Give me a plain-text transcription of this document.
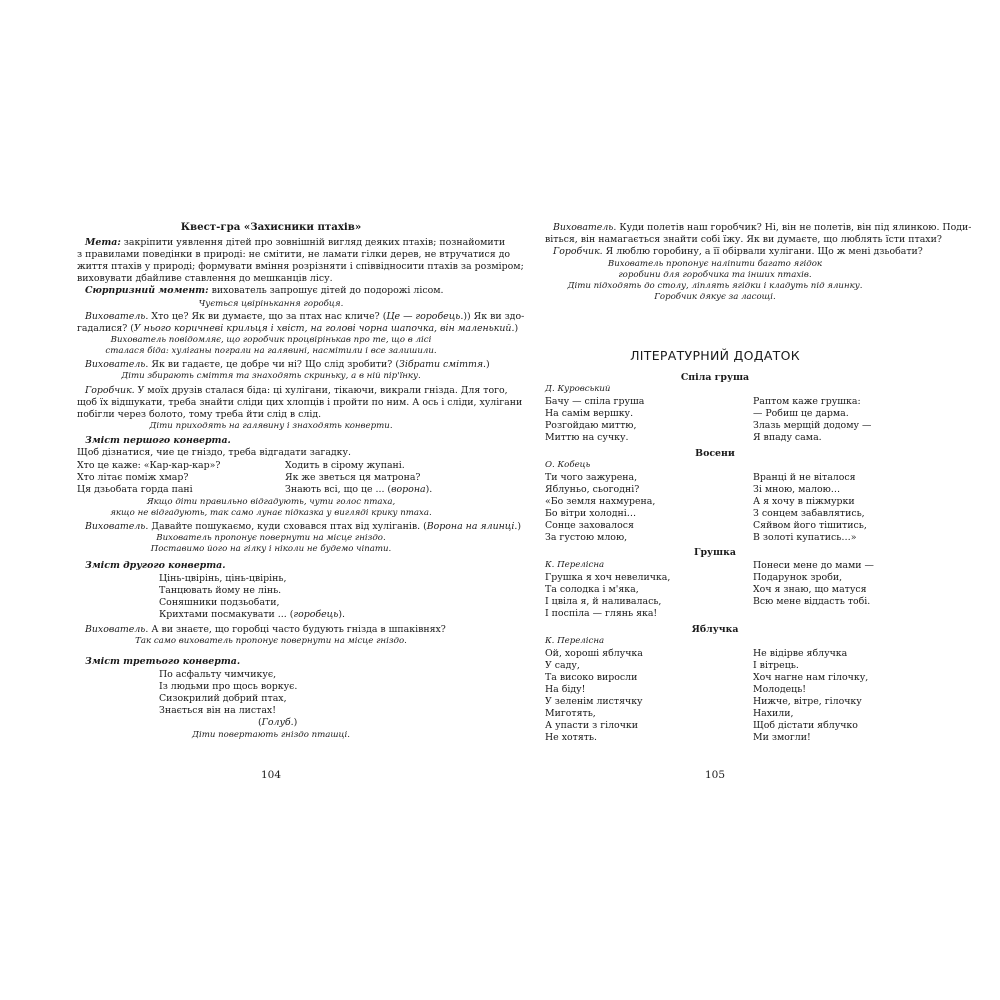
Квест-гра «Захисники птахів»
Мета: закріпити уявлення дітей про зовнішній вигляд деяких птахів; познайомити
з правилами поведінки в природі: не смітити, не ламати гілки дерев, не втручатися до
життя птахів у природі; формувати вміння розрізняти і співвідносити птахів за розміром;
виховувати дбайливе ставлення до мешканців лісу.
Сюрпризний момент: вихователь запрошує дітей до подорожі лісом.
Чується цвірінькання горобця.
Вихователь. Хто це? Як ви думаєте, що за птах нас кличе? (Це — горобець.)) Як ви здо-
гадалися? (У нього коричневі крильця і хвіст, на голові чорна шапочка, він маленький.)
Вихователь повідомляє, що горобчик процвірінькав про те, що в лісі
сталася біда: хуліганы пограли на галявині, насмітили і все залишили.
Вихователь. Як ви гадаєте, це добре чи ні? Що слід зробити? (Зібрати сміття.)
Діти збирають сміття та знаходять скриньку, а в ній пір'їнку.
Горобчик. У моїх друзів сталася біда: ці хулігани, тікаючи, викрали гнізда. Для того,
щоб їх відшукати, треба знайти сліди цих хлопців і пройти по ним. А ось і сліди, хулігани
побігли через болото, тому треба йти слід в слід.
Діти приходять на галявину і знаходять конверти.
Зміст першого конверта.
Щоб дізнатися, чие це гніздо, треба відгадати загадку.
Хто це каже: «Кар-кар-кар»?
Хто літає поміж хмар?
Ця дзьобата горда пані
Ходить в сірому жупані.
Як же зветься ця матрона?
Знають всі, що це ... (ворона).
Якщо діти правильно відгадують, чути голос птаха,
якщо не відгадують, так само лунає підказка у вигляді крику птаха.
Вихователь. Давайте пошукаємо, куди сховався птах від хуліганів. (Ворона на ялинці.)
Вихователь пропонує повернути на місце гніздо.
Поставимо його на гілку і ніколи не будемо чіпати.
Зміст другого конверта.
Цінь-цвірінь, цінь-цвірінь,
Танцювать йому не лінь.
Соняшники подзьобати,
Крихтами посмакувати ... (горобець).
Вихователь. А ви знаєте, що горобці часто будують гнізда в шпаківнях?
Так само вихователь пропонує повернути на місце гніздо.
Зміст третього конверта.
По асфальту чимчикує,
Із людьми про щось воркує.
Сизокрилий добрий птах,
Знається він на листах!
(Голуб.)
Діти повертають гніздо пташці.
104
Вихователь. Куди полетів наш горобчик? Ні, він не полетів, він під ялинкою. Поди-
віться, він намагається знайти собі їжу. Як ви думаєте, що люблять їсти птахи?
Горобчик. Я люблю горобину, а її обірвали хулігани. Що ж мені дзьобати?
Вихователь пропонує наліпити багато ягідок
горобини для горобчика та інших птахів.
Діти підходять до столу, ліплять ягідки і кладуть під ялинку.
Горобчик дякує за ласощі.
ЛІТЕРАТУРНИЙ ДОДАТОК
Спіла груша
Д. Куровський
Бачу — спіла груша
На самім вершку.
Розгойдаю миттю,
Миттю на сучку.
Раптом каже грушка:
— Робиш це дарма.
Злазь мерщій додому —
Я впаду сама.
Восени
О. Кобець
Ти чого зажурена,
Яблуньо, сьогодні?
«Бо земля нахмурена,
Бо вітри холодні…
Сонце заховалося
За густою млою,
Вранці й не віталося
Зі мною, малою…
А я хочу в піжмурки
З сонцем забавлятись,
Сяйвом його тішитись,
В золоті купатись…»
Грушка
К. Перелісна
Грушка я хоч невеличка,
Та солодка і м'яка,
І цвіла я, й наливалась,
І поспіла — глянь яка!
Понеси мене до мами —
Подарунок зроби,
Хоч я знаю, що матуся
Всю мене віддасть тобі.
Яблучка
К. Перелісна
Ой, хороші яблучка
У саду,
Та високо виросли
На біду!
У зеленім листячку
Миготять,
А упасти з гілочки
Не хотять.
Не відірве яблучка
І вітрець.
Хоч нагне нам гілочку,
Молодець!
Нижче, вітре, гілочку
Нахили,
Щоб дістати яблучко
Ми змогли!
105
